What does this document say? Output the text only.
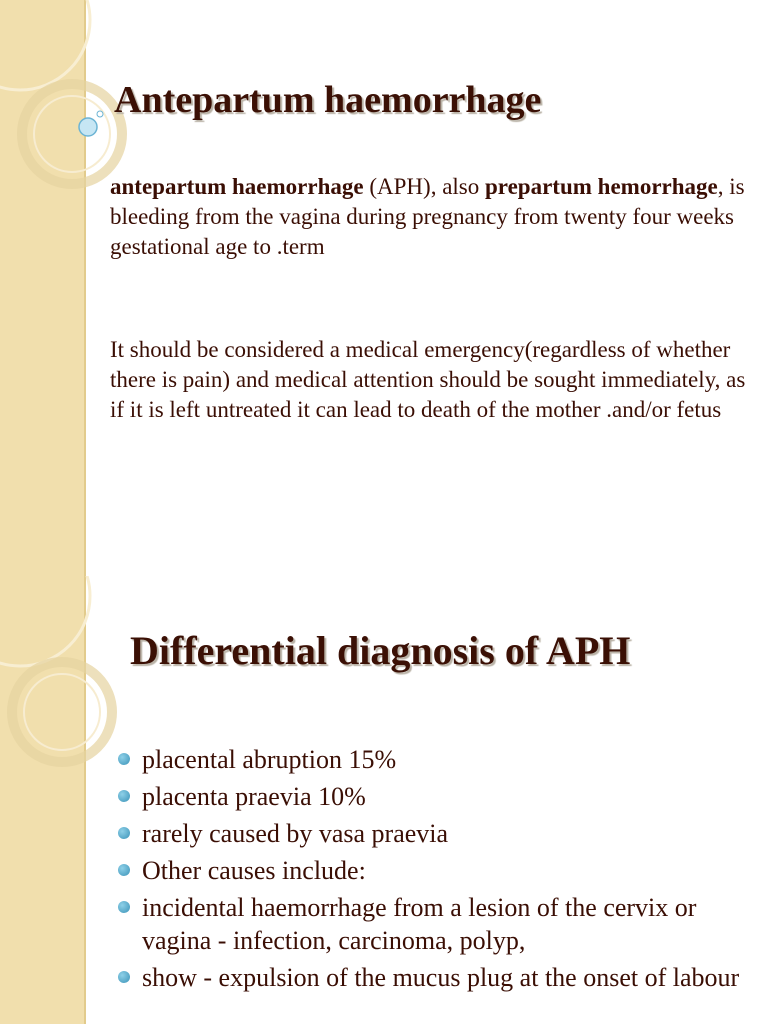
Antepartum haemorrhage

antepartum haemorrhage (APH), also prepartum hemorrhage, is bleeding from the vagina during pregnancy from twenty four weeks gestational age to .term

It should be considered a medical emergency(regardless of whether there is pain) and medical attention should be sought immediately, as if it is left untreated it can lead to death of the mother .and/or fetus

Differential diagnosis of APH
placental abruption 15%
placenta praevia 10%
rarely caused by vasa praevia
Other causes include:
incidental haemorrhage from a lesion of the cervix or vagina - infection, carcinoma, polyp,
show - expulsion of the mucus plug at the onset of labour
